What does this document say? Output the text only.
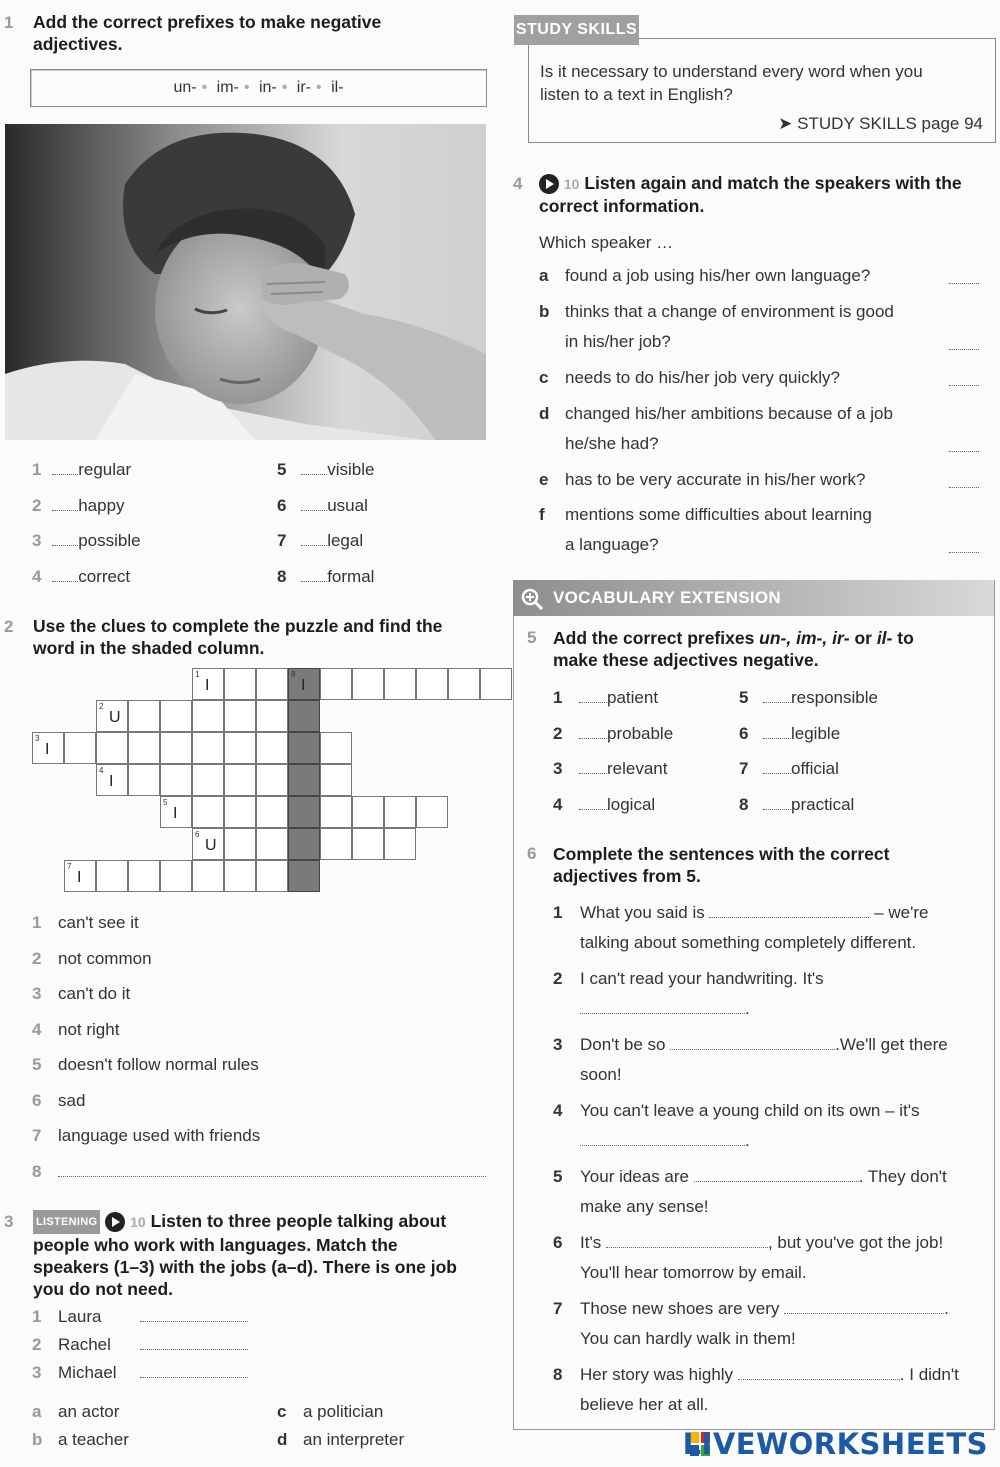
1 Add the correct prefixes to make negative
adjectives.
un- • im- • in- • ir- • il-
1 regular
2 happy
3 possible
4 correct
5 visible
6 usual
7 legal
8 formal
2 Use the clues to complete the puzzle and find the
word in the shaded column.
1
I
8
I
2
U
3
I
4
I
5
I
6
U
7
I
1 can't see it
2 not common
3 can't do it
4 not right
5 doesn't follow normal rules
6 sad
7 language used with friends
8
3 LISTENING 10 Listen to three people talking about
people who work with languages. Match the
speakers (1–3) with the jobs (a–d). There is one job
you do not need.
1 Laura
2 Rachel
3 Michael
a an actor
b a teacher
c a politician
d an interpreter
STUDY SKILLS
Is it necessary to understand every word when you
listen to a text in English?
➤ STUDY SKILLS page 94
4	10 Listen again and match the speakers with the
correct information.
Which speaker …
a found a job using his/her own language?
b thinks that a change of environment is good
in his/her job?
c needs to do his/her job very quickly?
d changed his/her ambitions because of a job
he/she had?
e has to be very accurate in his/her work?
f mentions some difficulties about learning
a language?
VOCABULARY EXTENSION
5 Add the correct prefixes un-, im-, ir- or il- to
make these adjectives negative.
1	patient
2	probable
3	relevant
4	logical
5	responsible
6	legible
7	official
8	practical
6 Complete the sentences with the correct
adjectives from 5.
1 What you said is	– we're
talking about something completely different.
2 I can't read your handwriting. It's
.
3 Don't be so	.We'll get there
soon!
4 You can't leave a young child on its own – it's
.
5 Your ideas are	. They don't
make any sense!
6 It's	, but you've got the job!
You'll hear tomorrow by email.
7 Those new shoes are very	.
You can hardly walk in them!
8 Her story was highly	. I didn't
believe her at all.
LIVEWORKSHEETS
